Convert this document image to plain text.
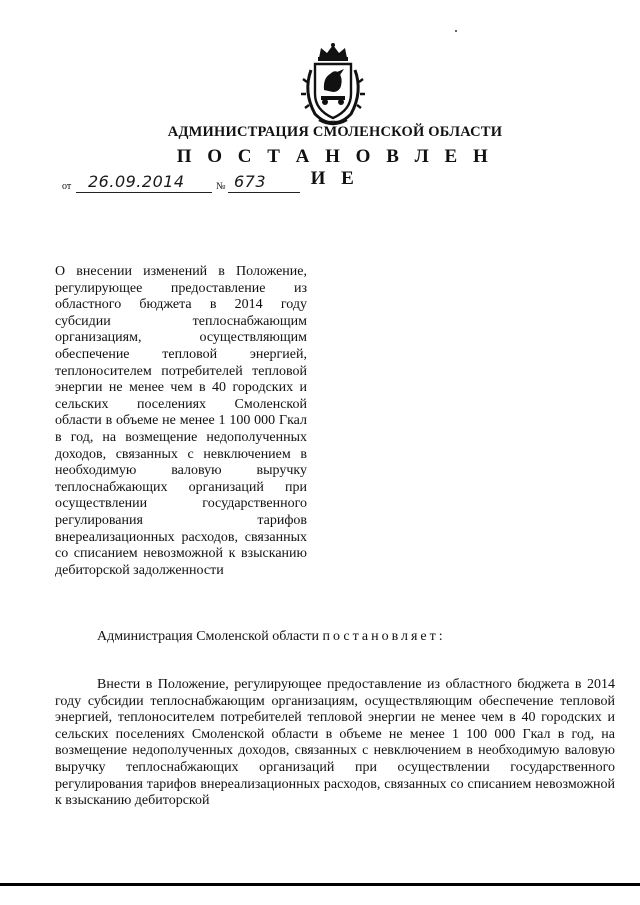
АДМИНИСТРАЦИЯ СМОЛЕНСКОЙ ОБЛАСТИ
П О С Т А Н О В Л Е Н И Е
от 26.09.2014	№ 673
О внесении изменений в Положение, регулирующее предоставление из областного бюджета в 2014 году субсидии теплоснабжающим организациям, осуществляющим обеспечение тепловой энергией, теплоносителем потребителей тепловой энергии не менее чем в 40 городских и сельских поселениях Смоленской области в объеме не менее 1 100 000 Гкал в год, на возмещение недополученных доходов, связанных с невключением в необходимую валовую выручку теплоснабжающих организаций при осуществлении государственного регулирования тарифов внереализационных расходов, связанных со списанием невозможной к взысканию дебиторской задолженности
Администрация Смоленской области постановляет:
Внести в Положение, регулирующее предоставление из областного бюджета в 2014 году субсидии теплоснабжающим организациям, осуществляющим обеспечение тепловой энергией, теплоносителем потребителей тепловой энергии не менее чем в 40 городских и сельских поселениях Смоленской области в объеме не менее 1 100 000 Гкал в год, на возмещение недополученных доходов, связанных с невключением в необходимую валовую выручку теплоснабжающих организаций при осуществлении государственного регулирования тарифов внереализационных расходов, связанных со списанием невозможной к взысканию дебиторской
